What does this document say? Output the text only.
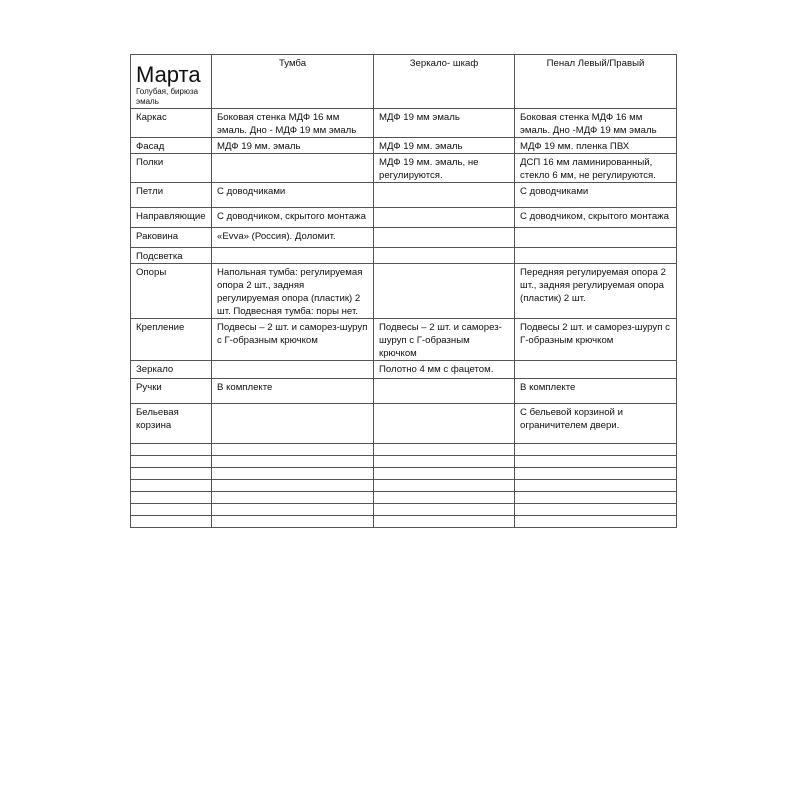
Марта
Голубая, бирюза эмаль	Тумба	Зеркало- шкаф	Пенал Левый/Правый
Каркас	Боковая стенка МДФ 16 мм эмаль. Дно - МДФ 19 мм эмаль	МДФ 19 мм эмаль	Боковая стенка МДФ 16 мм эмаль. Дно -МДФ 19 мм эмаль
Фасад	МДФ 19 мм. эмаль	МДФ 19 мм. эмаль	МДФ 19 мм. пленка ПВХ
Полки		МДФ 19 мм. эмаль, не регулируются.	ДСП 16 мм ламинированный, стекло 6 мм, не регулируются.
Петли	С доводчиками		С доводчиками
Направляющие	С доводчиком, скрытого монтажа		С доводчиком, скрытого монтажа
Раковина	«Evva» (Россия). Доломит.		
Подсветка			
Опоры	Напольная тумба: регулируемая опора 2 шт., задняя регулируемая опора (пластик) 2 шт. Подвесная тумба: поры нет.		Передняя регулируемая опора 2 шт., задняя регулируемая опора (пластик) 2 шт.
Крепление	Подвесы – 2 шт. и саморез-шуруп с Г-образным крючком	Подвесы – 2 шт. и саморез-шуруп с Г-образным крючком	Подвесы 2 шт. и саморез-шуруп с Г-образным крючком
Зеркало		Полотно 4 мм с фацетом.	
Ручки	В комплекте		В комплекте
Бельевая корзина			С бельевой корзиной и ограничителем двери.
